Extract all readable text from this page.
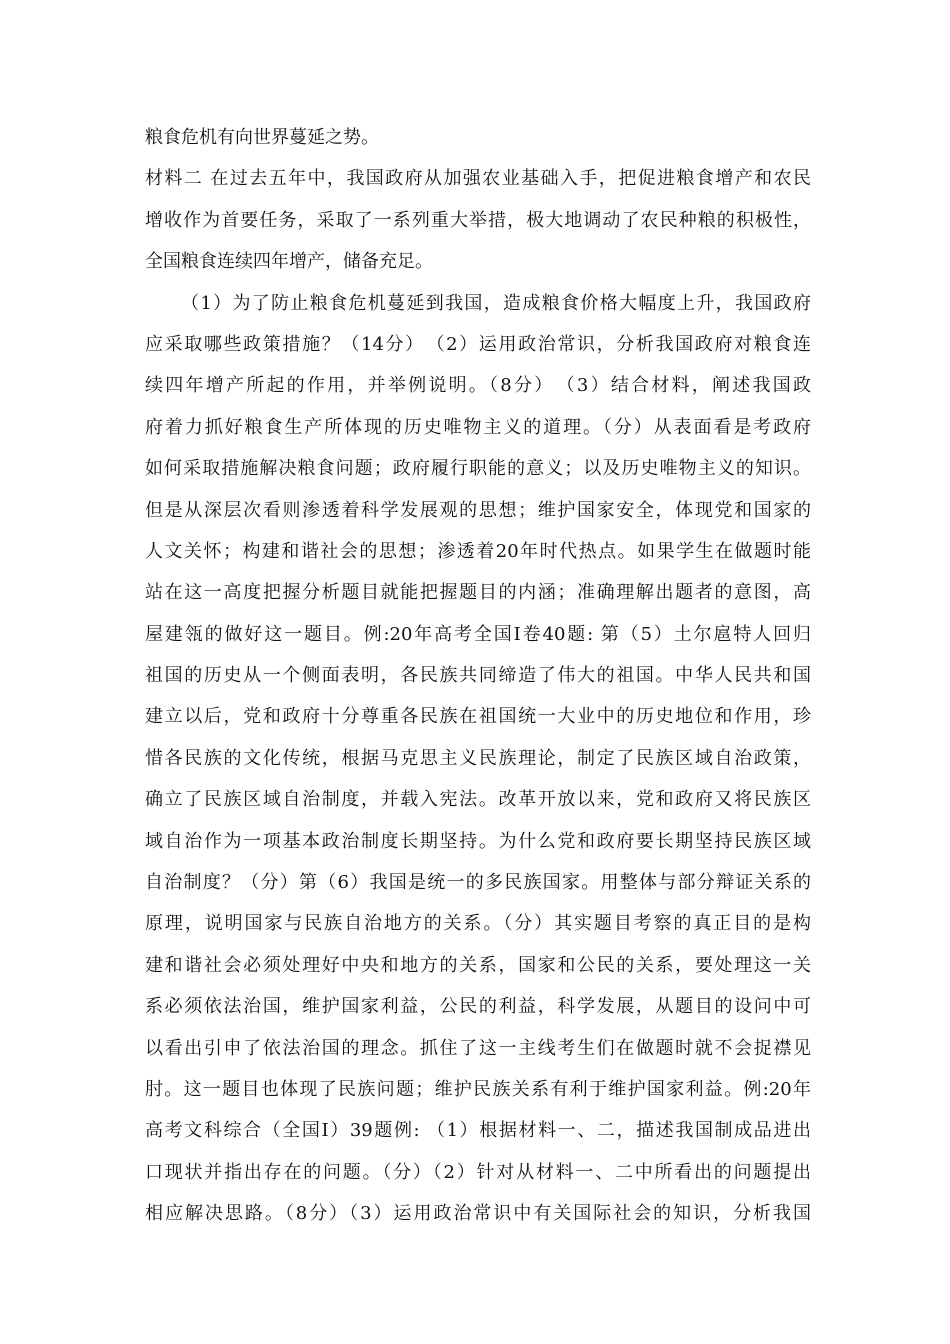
粮食危机有向世界蔓延之势。
材料二 在过去五年中，我国政府从加强农业基础入手，把促进粮食增产和农民
增收作为首要任务，采取了一系列重大举措，极大地调动了农民种粮的积极性，
全国粮食连续四年增产，储备充足。
（1）为了防止粮食危机蔓延到我国，造成粮食价格大幅度上升，我国政府
应采取哪些政策措施？（14分）　（2）运用政治常识，分析我国政府对粮食连
续四年增产所起的作用，并举例说明。（8分）　（3）结合材料，阐述我国政
府着力抓好粮食生产所体现的历史唯物主义的道理。（分）从表面看是考政府
如何采取措施解决粮食问题；政府履行职能的意义；以及历史唯物主义的知识。
但是从深层次看则渗透着科学发展观的思想；维护国家安全，体现党和国家的
人文关怀；构建和谐社会的思想；渗透着20年时代热点。如果学生在做题时能
站在这一高度把握分析题目就能把握题目的内涵；准确理解出题者的意图，高
屋建瓴的做好这一题目。例:20年高考全国Ⅰ卷40题: 第（5）土尔扈特人回归
祖国的历史从一个侧面表明，各民族共同缔造了伟大的祖国。中华人民共和国
建立以后，党和政府十分尊重各民族在祖国统一大业中的历史地位和作用，珍
惜各民族的文化传统，根据马克思主义民族理论，制定了民族区域自治政策，
确立了民族区域自治制度，并载入宪法。改革开放以来，党和政府又将民族区
域自治作为一项基本政治制度长期坚持。为什么党和政府要长期坚持民族区域
自治制度？（分）第（6）我国是统一的多民族国家。用整体与部分辩证关系的
原理，说明国家与民族自治地方的关系。（分）其实题目考察的真正目的是构
建和谐社会必须处理好中央和地方的关系，国家和公民的关系，要处理这一关
系必须依法治国，维护国家利益，公民的利益，科学发展，从题目的设问中可
以看出引申了依法治国的理念。抓住了这一主线考生们在做题时就不会捉襟见
肘。这一题目也体现了民族问题；维护民族关系有利于维护国家利益。例:20年
高考文科综合（全国Ⅰ）39题例: （1）根据材料一、二，描述我国制成品进出
口现状并指出存在的问题。（分）（2）针对从材料一、二中所看出的问题提出
相应解决思路。（8分）（3）运用政治常识中有关国际社会的知识，分析我国
